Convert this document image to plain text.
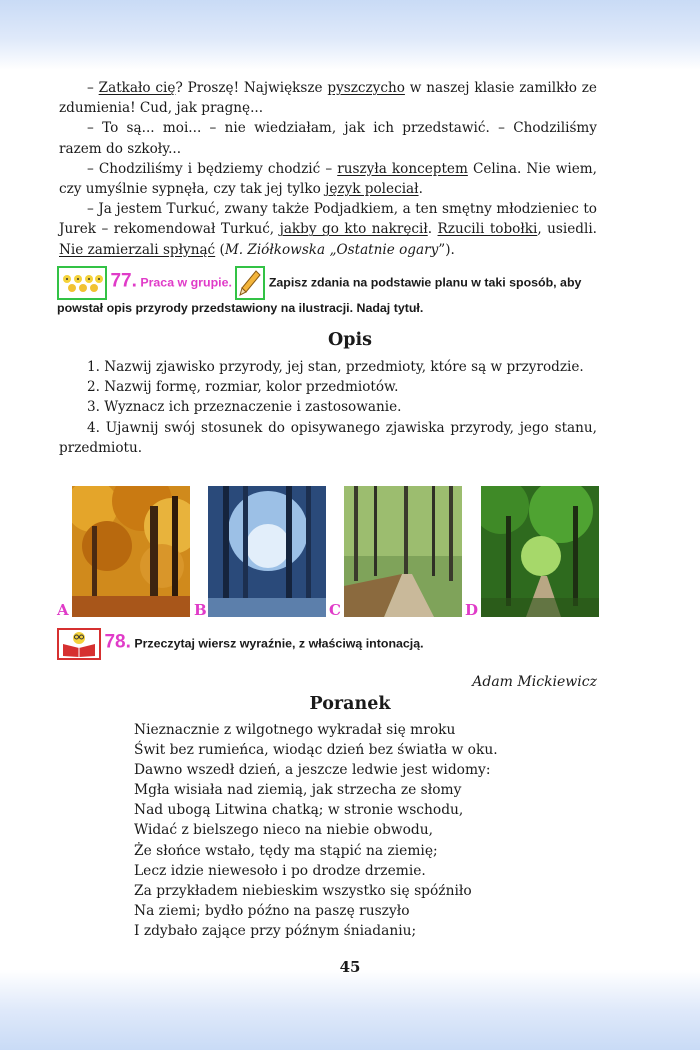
– Zatkało cię? Proszę! Największe pyszczycho w naszej klasie zamilkło ze zdumienia! Cud, jak pragnę...

– To są... moi... – nie wiedziałam, jak ich przedstawić. – Chodziliśmy razem do szkoły...

– Chodziliśmy i będziemy chodzić – ruszyła konceptem Celina. Nie wiem, czy umyślnie sypnęła, czy tak jej tylko język poleciał.

– Ja jestem Turkuć, zwany także Podjadkiem, a ten smętny młodzieniec to Jurek – rekomendował Turkuć, jakby go kto nakręcił. Rzucili tobołki, usiedli. Nie zamierzali spłynąć (M. Ziółkowska „Ostatnie ogary”).

77. Praca w grupie.	Zapisz zdania na podstawie planu w taki sposób, aby powstał opis przyrody przedstawiony na ilustracji. Nadaj tytuł.
Opis

1. Nazwij zjawisko przyrody, jej stan, przedmioty, które są w przyrodzie.

2. Nazwij formę, rozmiar, kolor przedmiotów.

3. Wyznacz ich przeznaczenie i zastosowanie.

4. Ujawnij swój stosunek do opisywanego zjawiska przyrody, jego stanu, przedmiotu.

A	B	C	D
78. Przeczytaj wiersz wyraźnie, z właściwą intonacją.
Adam Mickiewicz
Poranek
Nieznacznie z wilgotnego wykradał się mroku
Świt bez rumieńca, wiodąc dzień bez światła w oku.
Dawno wszedł dzień, a jeszcze ledwie jest widomy:
Mgła wisiała nad ziemią, jak strzecha ze słomy
Nad ubogą Litwina chatką; w stronie wschodu,
Widać z bielszego nieco na niebie obwodu,
Że słońce wstało, tędy ma stąpić na ziemię;
Lecz idzie niewesoło i po drodze drzemie.
Za przykładem niebieskim wszystko się spóźniło
Na ziemi; bydło późno na paszę ruszyło
I zdybało zające przy późnym śniadaniu;
45
